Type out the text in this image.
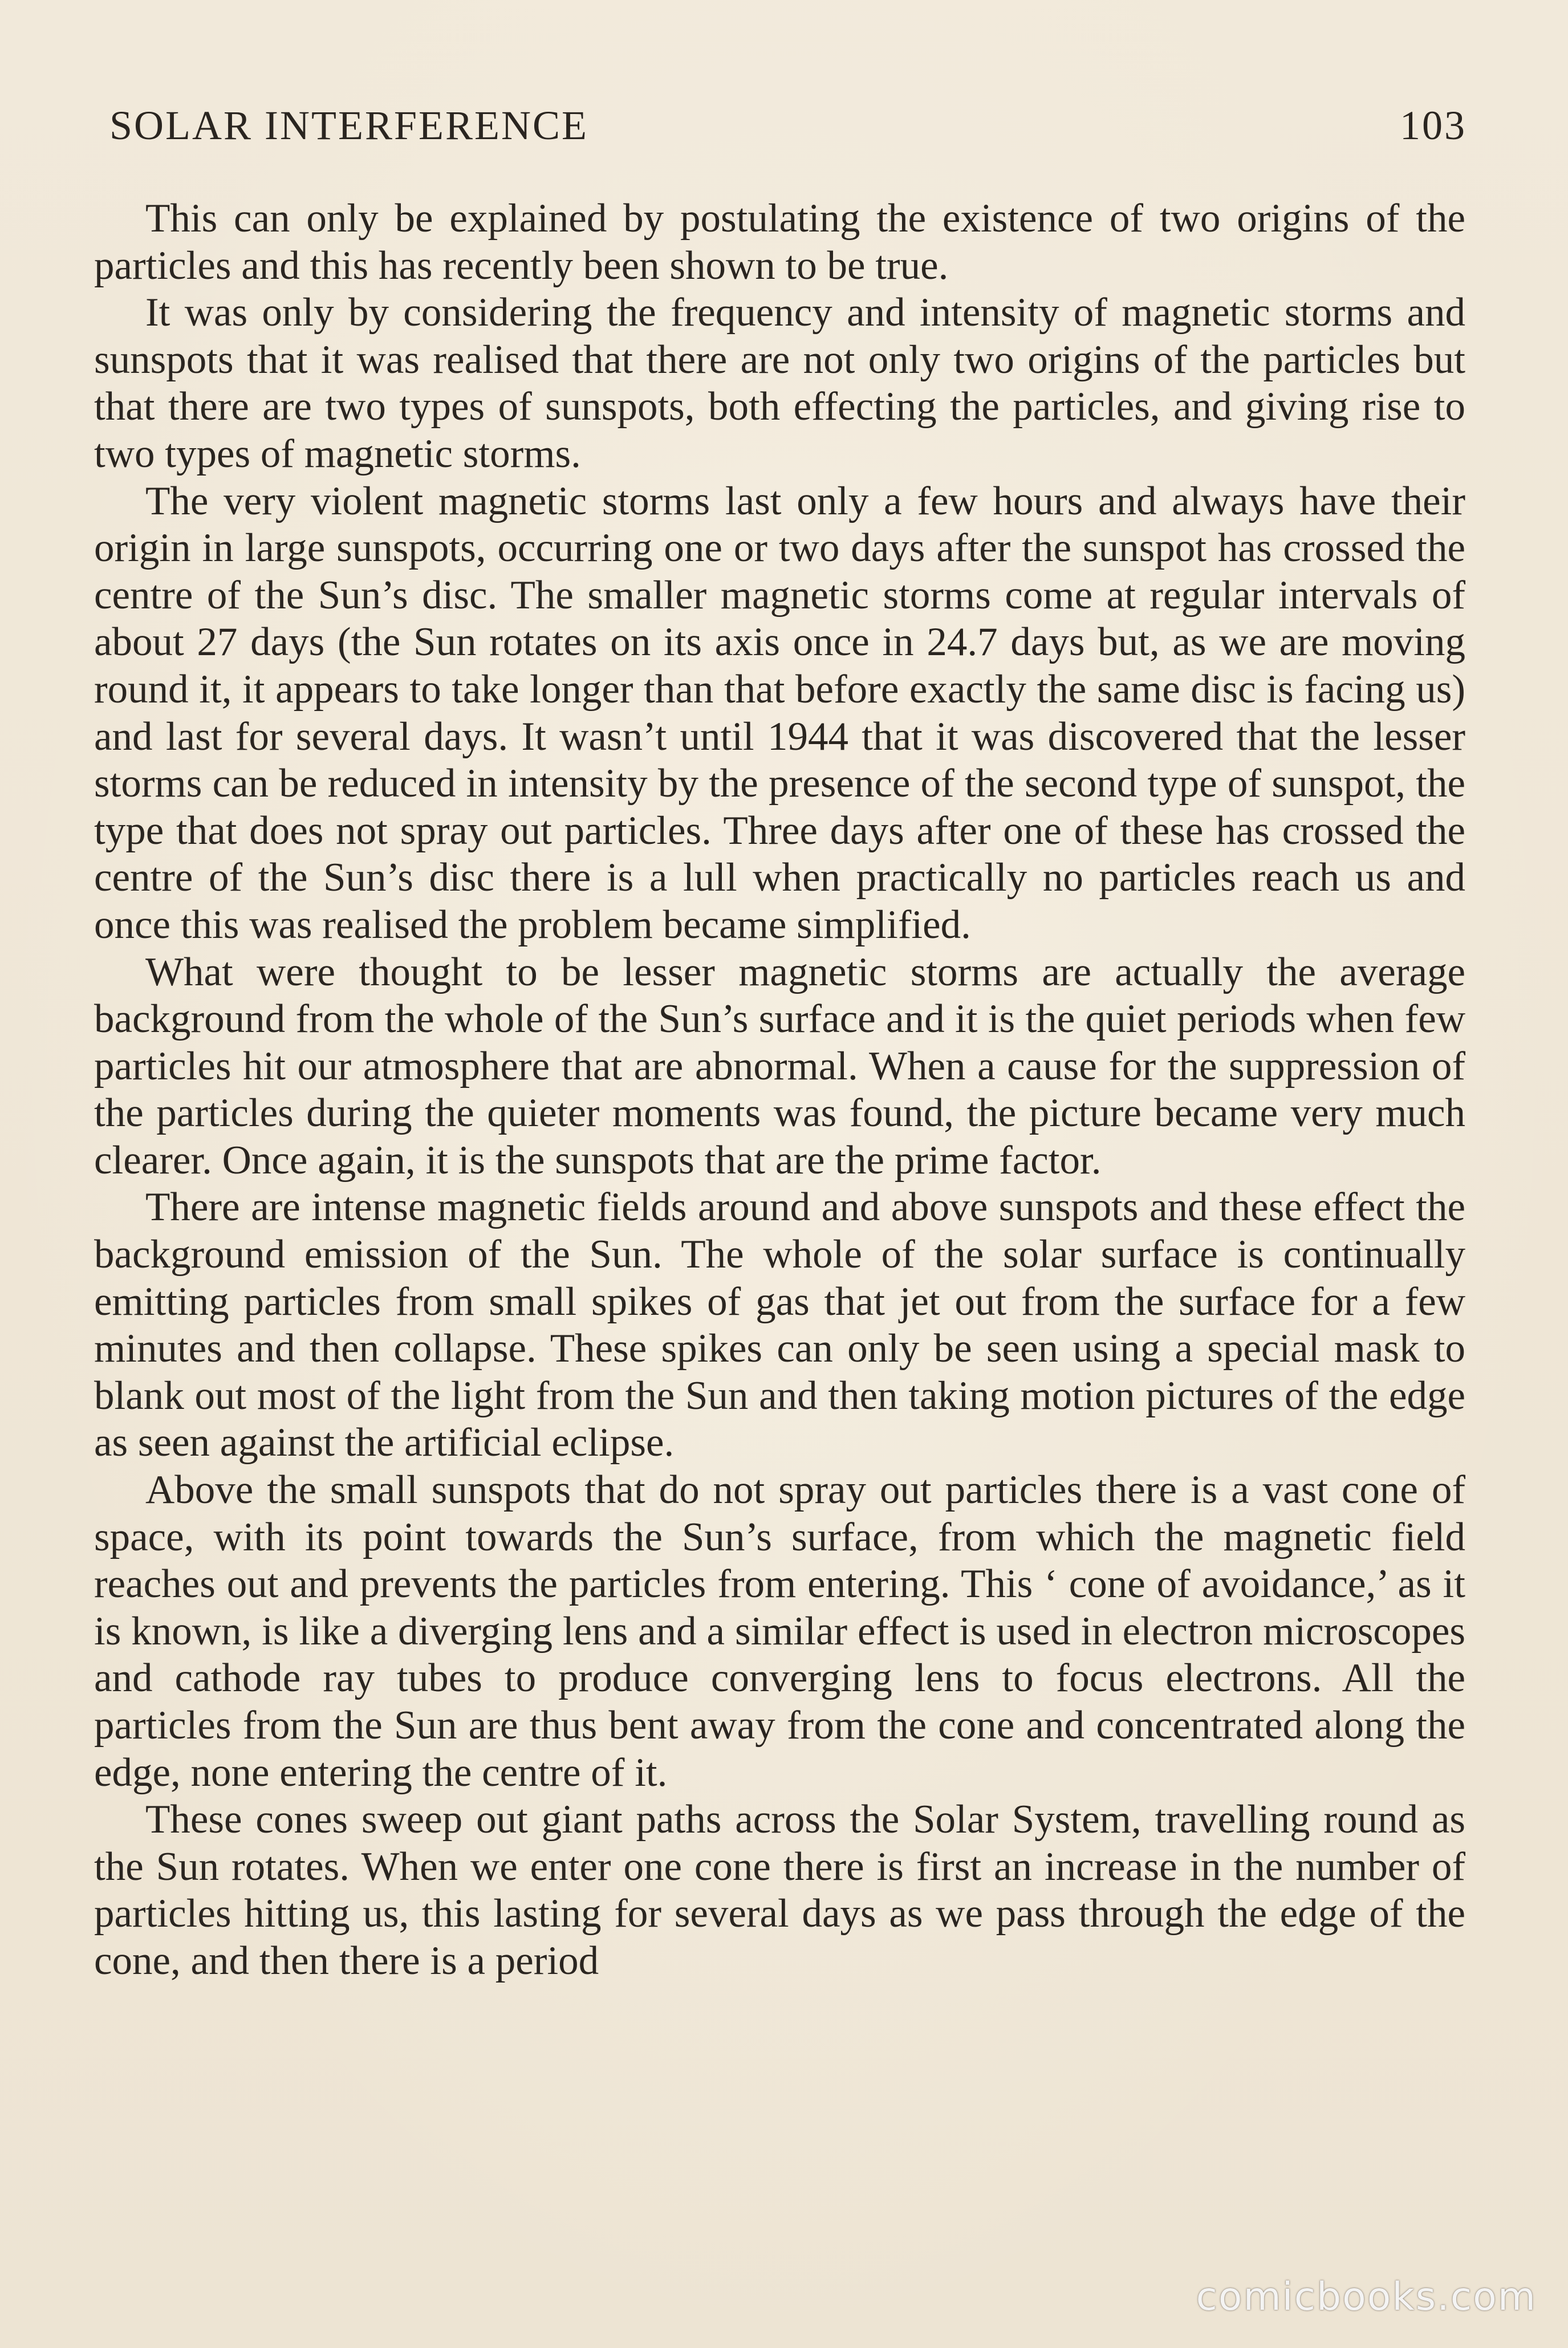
SOLAR INTERFERENCE	103

This can only be explained by postulating the existence of two origins of the particles and this has recently been shown to be true.

It was only by considering the frequency and intensity of magnetic storms and sunspots that it was realised that there are not only two origins of the particles but that there are two types of sunspots, both effecting the particles, and giving rise to two types of magnetic storms.

The very violent magnetic storms last only a few hours and always have their origin in large sunspots, occurring one or two days after the sunspot has crossed the centre of the Sun’s disc. The smaller magnetic storms come at regular intervals of about 27 days (the Sun rotates on its axis once in 24.7 days but, as we are moving round it, it appears to take longer than that before exactly the same disc is facing us) and last for several days. It wasn’t until 1944 that it was discovered that the lesser storms can be reduced in intensity by the presence of the second type of sunspot, the type that does not spray out particles. Three days after one of these has crossed the centre of the Sun’s disc there is a lull when practically no particles reach us and once this was realised the problem became simplified.

What were thought to be lesser magnetic storms are actually the average background from the whole of the Sun’s surface and it is the quiet periods when few particles hit our atmosphere that are abnormal. When a cause for the suppression of the particles during the quieter moments was found, the picture became very much clearer. Once again, it is the sunspots that are the prime factor.

There are intense magnetic fields around and above sunspots and these effect the background emission of the Sun. The whole of the solar surface is continually emitting particles from small spikes of gas that jet out from the surface for a few minutes and then collapse. These spikes can only be seen using a special mask to blank out most of the light from the Sun and then taking motion pictures of the edge as seen against the artificial eclipse.

Above the small sunspots that do not spray out particles there is a vast cone of space, with its point towards the Sun’s surface, from which the magnetic field reaches out and prevents the particles from entering. This ‘ cone of avoidance,’ as it is known, is like a diverging lens and a similar effect is used in electron microscopes and cathode ray tubes to produce converging lens to focus electrons. All the particles from the Sun are thus bent away from the cone and concentrated along the edge, none entering the centre of it.

These cones sweep out giant paths across the Solar System, travelling round as the Sun rotates. When we enter one cone there is first an increase in the number of particles hitting us, this lasting for several days as we pass through the edge of the cone, and then there is a period

comicbooks.com
